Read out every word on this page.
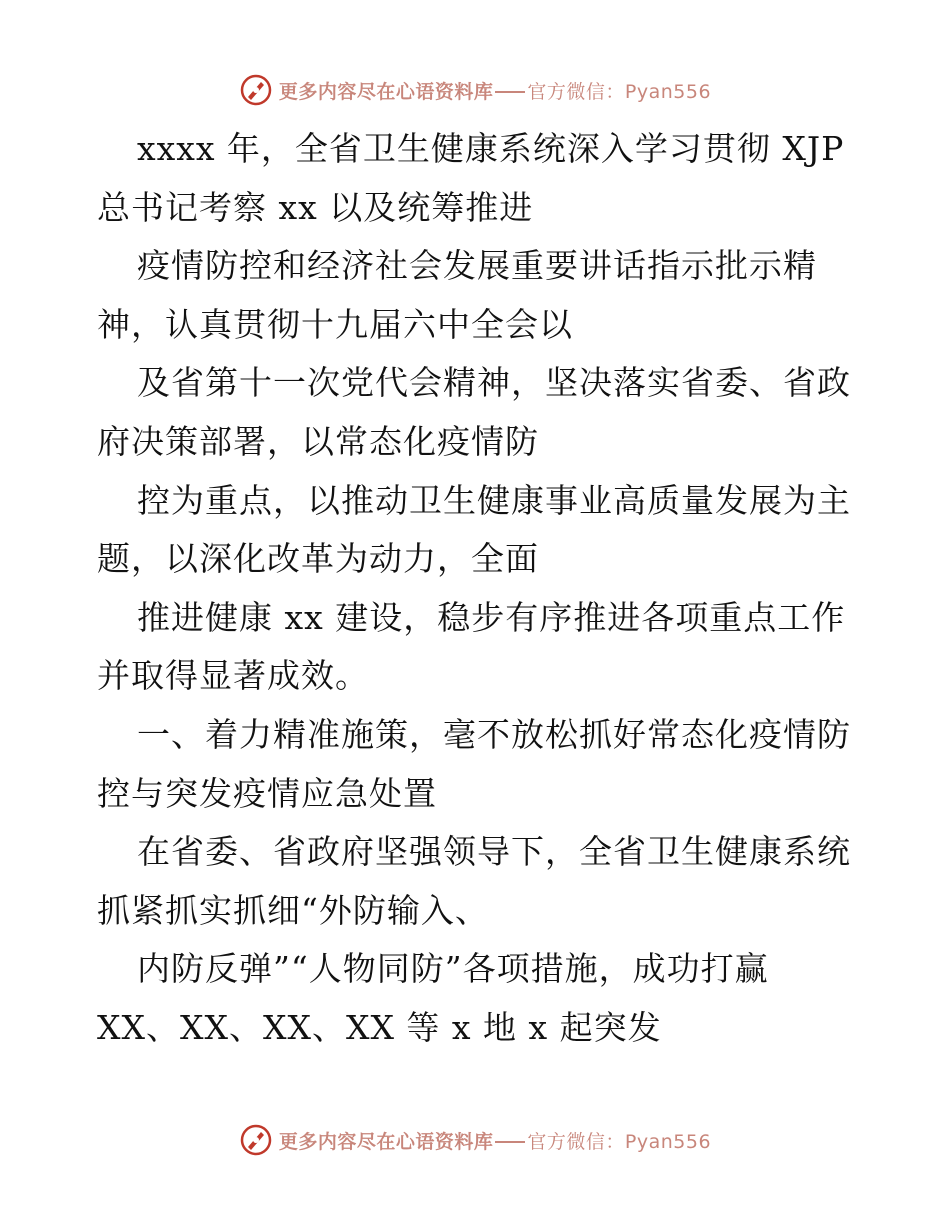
更多内容尽在心语资料库 官方微信：Pyan556
xxxx 年，全省卫生健康系统深入学习贯彻 XJP
总书记考察 xx 以及统筹推进
疫情防控和经济社会发展重要讲话指示批示精
神，认真贯彻十九届六中全会以
及省第十一次党代会精神，坚决落实省委、省政
府决策部署，以常态化疫情防
控为重点，以推动卫生健康事业高质量发展为主
题，以深化改革为动力，全面
推进健康 xx 建设，稳步有序推进各项重点工作
并取得显著成效。
一、着力精准施策，毫不放松抓好常态化疫情防
控与突发疫情应急处置
在省委、省政府坚强领导下，全省卫生健康系统
抓紧抓实抓细“外防输入、
内防反弹”“人物同防”各项措施，成功打赢
XX、XX、XX、XX 等 x 地 x 起突发
更多内容尽在心语资料库 官方微信：Pyan556
